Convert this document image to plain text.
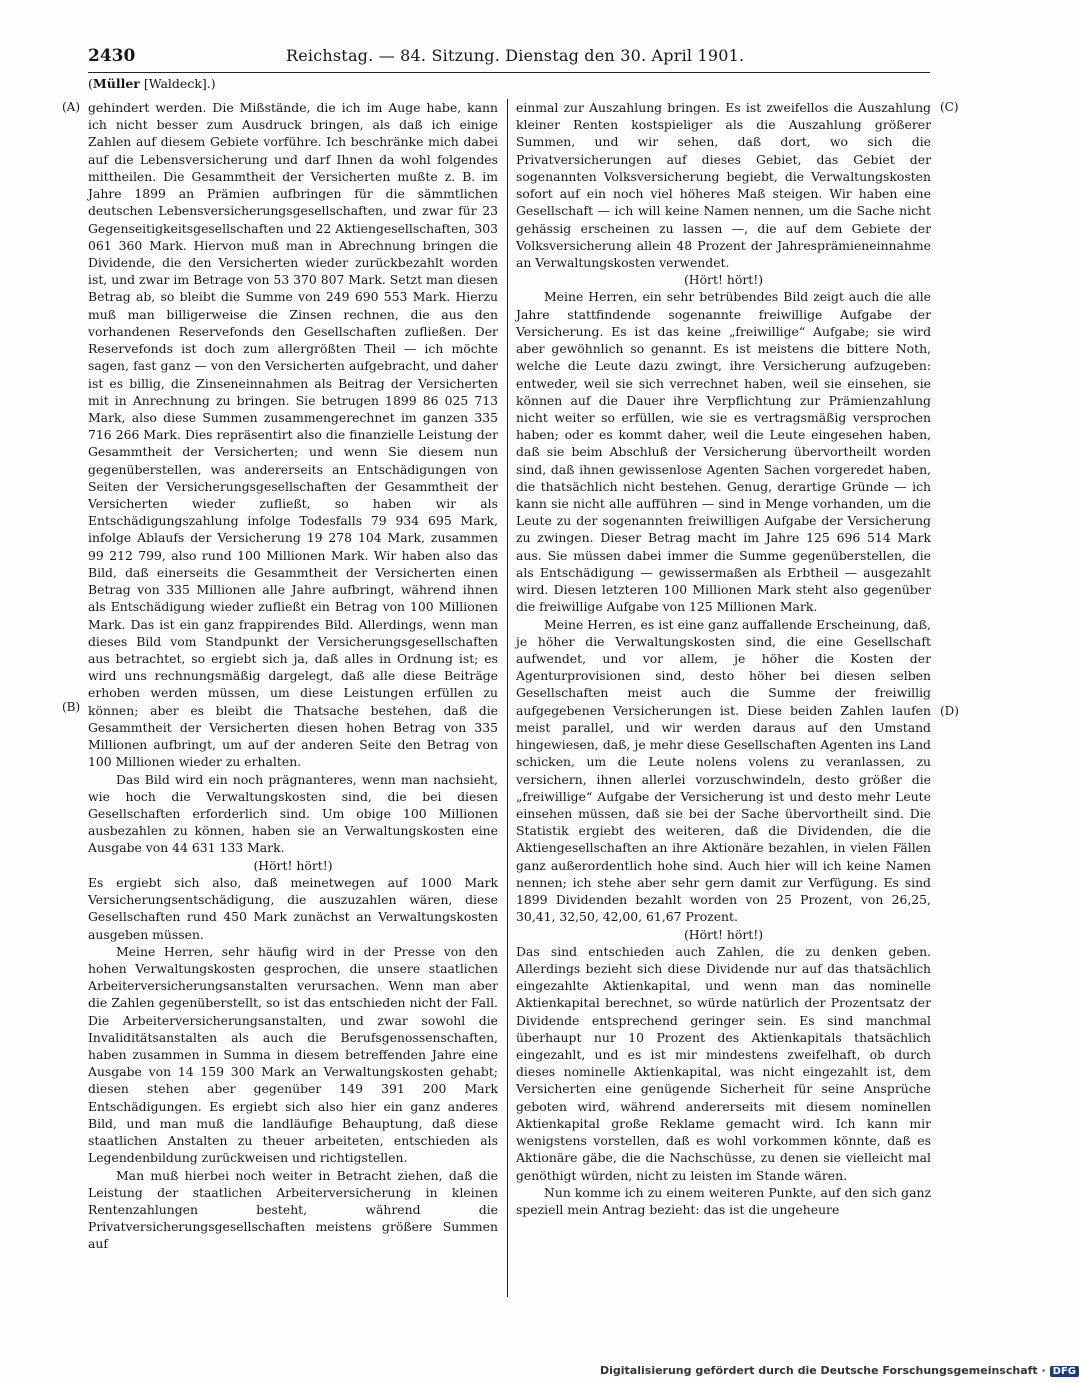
2430	Reichstag. — 84. Sitzung. Dienstag den 30. April 1901.
(Müller [Waldeck].)
(A)
(B)
(C)
(D)

gehindert werden. Die Mißstände, die ich im Auge habe, kann ich nicht besser zum Ausdruck bringen, als daß ich einige Zahlen auf diesem Gebiete vorführe. Ich beschränke mich dabei auf die Lebensversicherung und darf Ihnen da wohl folgendes mittheilen. Die Gesammtheit der Versicherten mußte z. B. im Jahre 1899 an Prämien aufbringen für die sämmtlichen deutschen Lebensversicherungsgesellschaften, und zwar für 23 Gegenseitigkeitsgesellschaften und 22 Aktiengesellschaften, 303 061 360 Mark. Hiervon muß man in Abrechnung bringen die Dividende, die den Versicherten wieder zurückbezahlt worden ist, und zwar im Betrage von 53 370 807 Mark. Setzt man diesen Betrag ab, so bleibt die Summe von 249 690 553 Mark. Hierzu muß man billigerweise die Zinsen rechnen, die aus den vorhandenen Reservefonds den Gesellschaften zufließen. Der Reservefonds ist doch zum allergrößten Theil — ich möchte sagen, fast ganz — von den Versicherten aufgebracht, und daher ist es billig, die Zinseneinnahmen als Beitrag der Versicherten mit in Anrechnung zu bringen. Sie betrugen 1899 86 025 713 Mark, also diese Summen zusammengerechnet im ganzen 335 716 266 Mark. Dies repräsentirt also die finanzielle Leistung der Gesammtheit der Versicherten; und wenn Sie diesem nun gegenüberstellen, was andererseits an Entschädigungen von Seiten der Versicherungsgesellschaften der Gesammtheit der Versicherten wieder zufließt, so haben wir als Entschädigungszahlung infolge Todesfalls 79 934 695 Mark, infolge Ablaufs der Versicherung 19 278 104 Mark, zusammen 99 212 799, also rund 100 Millionen Mark. Wir haben also das Bild, daß einerseits die Gesammtheit der Versicherten einen Betrag von 335 Millionen alle Jahre aufbringt, während ihnen als Entschädigung wieder zufließt ein Betrag von 100 Millionen Mark. Das ist ein ganz frappirendes Bild. Allerdings, wenn man dieses Bild vom Standpunkt der Versicherungsgesellschaften aus betrachtet, so ergiebt sich ja, daß alles in Ordnung ist; es wird uns rechnungsmäßig dargelegt, daß alle diese Beiträge erhoben werden müssen, um diese Leistungen erfüllen zu können; aber es bleibt die Thatsache bestehen, daß die Gesammtheit der Versicherten diesen hohen Betrag von 335 Millionen aufbringt, um auf der anderen Seite den Betrag von 100 Millionen wieder zu erhalten.

Das Bild wird ein noch prägnanteres, wenn man nachsieht, wie hoch die Verwaltungskosten sind, die bei diesen Gesellschaften erforderlich sind. Um obige 100 Millionen ausbezahlen zu können, haben sie an Verwaltungskosten eine Ausgabe von 44 631 133 Mark.

(Hört! hört!)

Es ergiebt sich also, daß meinetwegen auf 1000 Mark Versicherungsentschädigung, die auszuzahlen wären, diese Gesellschaften rund 450 Mark zunächst an Verwaltungskosten ausgeben müssen.

Meine Herren, sehr häufig wird in der Presse von den hohen Verwaltungskosten gesprochen, die unsere staatlichen Arbeiterversicherungsanstalten verursachen. Wenn man aber die Zahlen gegenüberstellt, so ist das entschieden nicht der Fall. Die Arbeiterversicherungsanstalten, und zwar sowohl die Invaliditätsanstalten als auch die Berufsgenossenschaften, haben zusammen in Summa in diesem betreffenden Jahre eine Ausgabe von 14 159 300 Mark an Verwaltungskosten gehabt; diesen stehen aber gegenüber 149 391 200 Mark Entschädigungen. Es ergiebt sich also hier ein ganz anderes Bild, und man muß die landläufige Behauptung, daß diese staatlichen Anstalten zu theuer arbeiteten, entschieden als Legendenbildung zurückweisen und richtigstellen.

Man muß hierbei noch weiter in Betracht ziehen, daß die Leistung der staatlichen Arbeiterversicherung in kleinen Rentenzahlungen besteht, während die Privatversicherungsgesellschaften meistens größere Summen auf

einmal zur Auszahlung bringen. Es ist zweifellos die Auszahlung kleiner Renten kostspieliger als die Auszahlung größerer Summen, und wir sehen, daß dort, wo sich die Privatversicherungen auf dieses Gebiet, das Gebiet der sogenannten Volksversicherung begiebt, die Verwaltungskosten sofort auf ein noch viel höheres Maß steigen. Wir haben eine Gesellschaft — ich will keine Namen nennen, um die Sache nicht gehässig erscheinen zu lassen —, die auf dem Gebiete der Volksversicherung allein 48 Prozent der Jahresprämieneinnahme an Verwaltungskosten verwendet.

(Hört! hört!)

Meine Herren, ein sehr betrübendes Bild zeigt auch die alle Jahre stattfindende sogenannte freiwillige Aufgabe der Versicherung. Es ist das keine „freiwillige“ Aufgabe; sie wird aber gewöhnlich so genannt. Es ist meistens die bittere Noth, welche die Leute dazu zwingt, ihre Versicherung aufzugeben: entweder, weil sie sich verrechnet haben, weil sie einsehen, sie können auf die Dauer ihre Verpflichtung zur Prämienzahlung nicht weiter so erfüllen, wie sie es vertragsmäßig versprochen haben; oder es kommt daher, weil die Leute eingesehen haben, daß sie beim Abschluß der Versicherung übervortheilt worden sind, daß ihnen gewissenlose Agenten Sachen vorgeredet haben, die thatsächlich nicht bestehen. Genug, derartige Gründe — ich kann sie nicht alle aufführen — sind in Menge vorhanden, um die Leute zu der sogenannten freiwilligen Aufgabe der Versicherung zu zwingen. Dieser Betrag macht im Jahre 125 696 514 Mark aus. Sie müssen dabei immer die Summe gegenüberstellen, die als Entschädigung — gewissermaßen als Erbtheil — ausgezahlt wird. Diesen letzteren 100 Millionen Mark steht also gegenüber die freiwillige Aufgabe von 125 Millionen Mark.

Meine Herren, es ist eine ganz auffallende Erscheinung, daß, je höher die Verwaltungskosten sind, die eine Gesellschaft aufwendet, und vor allem, je höher die Kosten der Agenturprovisionen sind, desto höher bei diesen selben Gesellschaften meist auch die Summe der freiwillig aufgegebenen Versicherungen ist. Diese beiden Zahlen laufen meist parallel, und wir werden daraus auf den Umstand hingewiesen, daß, je mehr diese Gesellschaften Agenten ins Land schicken, um die Leute nolens volens zu veranlassen, zu versichern, ihnen allerlei vorzuschwindeln, desto größer die „freiwillige“ Aufgabe der Versicherung ist und desto mehr Leute einsehen müssen, daß sie bei der Sache übervortheilt sind. Die Statistik ergiebt des weiteren, daß die Dividenden, die die Aktiengesellschaften an ihre Aktionäre bezahlen, in vielen Fällen ganz außerordentlich hohe sind. Auch hier will ich keine Namen nennen; ich stehe aber sehr gern damit zur Verfügung. Es sind 1899 Dividenden bezahlt worden von 25 Prozent, von 26,25, 30,41, 32,50, 42,00, 61,67 Prozent.

(Hört! hört!)

Das sind entschieden auch Zahlen, die zu denken geben. Allerdings bezieht sich diese Dividende nur auf das thatsächlich eingezahlte Aktienkapital, und wenn man das nominelle Aktienkapital berechnet, so würde natürlich der Prozentsatz der Dividende entsprechend geringer sein. Es sind manchmal überhaupt nur 10 Prozent des Aktienkapitals thatsächlich eingezahlt, und es ist mir mindestens zweifelhaft, ob durch dieses nominelle Aktienkapital, was nicht eingezahlt ist, dem Versicherten eine genügende Sicherheit für seine Ansprüche geboten wird, während andererseits mit diesem nominellen Aktienkapital große Reklame gemacht wird. Ich kann mir wenigstens vorstellen, daß es wohl vorkommen könnte, daß es Aktionäre gäbe, die die Nachschüsse, zu denen sie vielleicht mal genöthigt würden, nicht zu leisten im Stande wären.

Nun komme ich zu einem weiteren Punkte, auf den sich ganz speziell mein Antrag bezieht: das ist die ungeheure

Digitalisierung gefördert durch die Deutsche Forschungsgemeinschaft · DFG
